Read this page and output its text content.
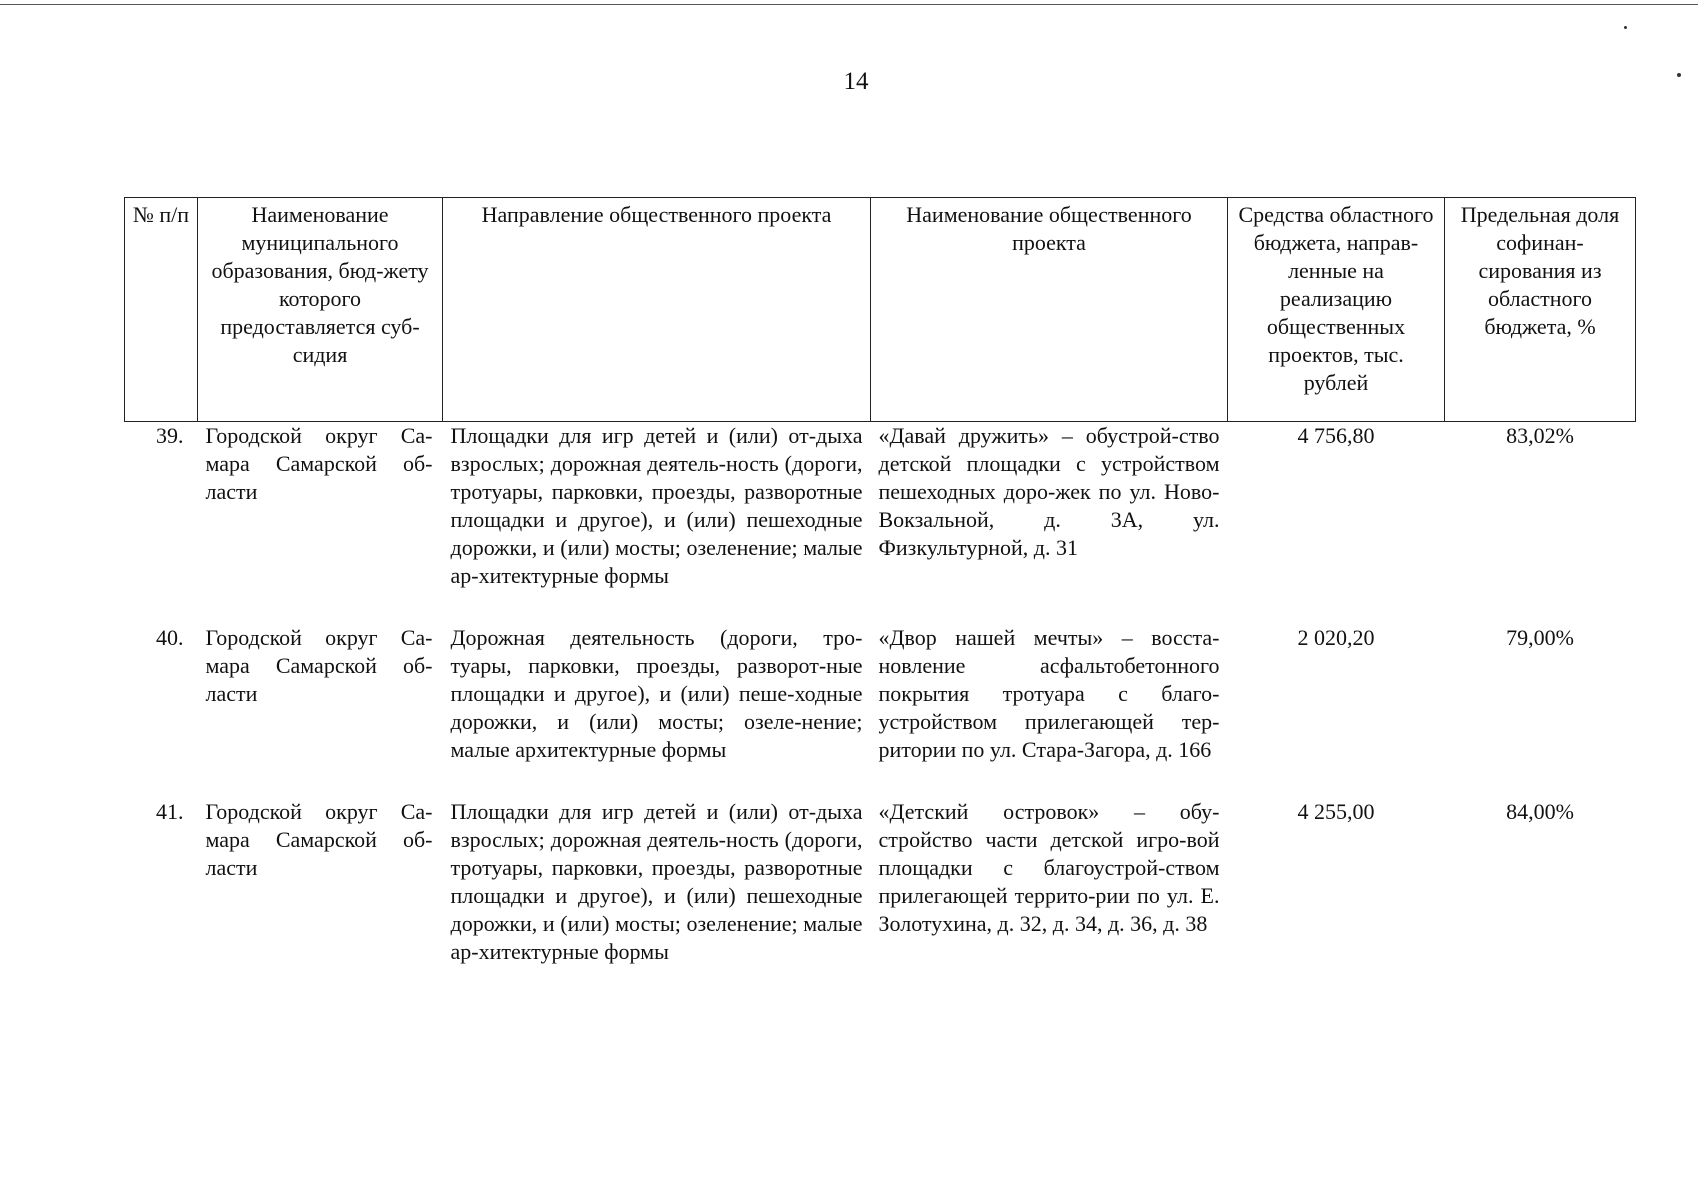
14
№ п/п	Наименование муниципального образования, бюд-жету которого предоставляется суб-сидия	Направление общественного проекта	Наименование общественного проекта	Средства областного бюджета, направ-ленные на реализацию общественных проектов, тыс. рублей	Предельная доля софинан-сирования из областного бюджета, %
39.	Городской округ Са-мара Самарской об-ласти	Площадки для игр детей и (или) от-дыха взрослых; дорожная деятель-ность (дороги, тротуары, парковки, проезды, разворотные площадки и другое), и (или) пешеходные дорожки, и (или) мосты; озеленение; малые ар-хитектурные формы	«Давай дружить» – обустрой-ство детской площадки с устройством пешеходных доро-жек по ул. Ново-Вокзальной, д. 3А, ул. Физкультурной, д. 31	4 756,80	83,02%
40.	Городской округ Са-мара Самарской об-ласти	Дорожная деятельность (дороги, тро-туары, парковки, проезды, разворот-ные площадки и другое), и (или) пеше-ходные дорожки, и (или) мосты; озеле-нение; малые архитектурные формы	«Двор нашей мечты» – восста-новление асфальтобетонного покрытия тротуара с благо-устройством прилегающей тер-ритории по ул. Стара-Загора, д. 166	2 020,20	79,00%
41.	Городской округ Са-мара Самарской об-ласти	Площадки для игр детей и (или) от-дыха взрослых; дорожная деятель-ность (дороги, тротуары, парковки, проезды, разворотные площадки и другое), и (или) пешеходные дорожки, и (или) мосты; озеленение; малые ар-хитектурные формы	«Детский островок» – обу-стройство части детской игро-вой площадки с благоустрой-ством прилегающей террито-рии по ул. Е. Золотухина, д. 32, д. 34, д. 36, д. 38	4 255,00	84,00%
